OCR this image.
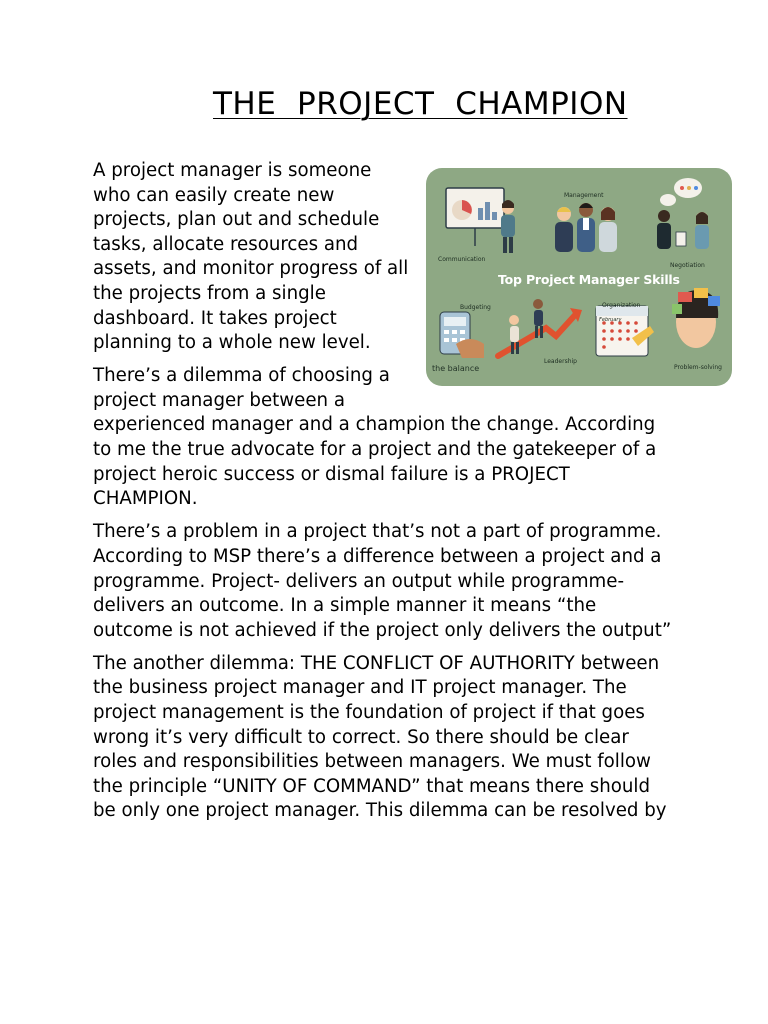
THE  PROJECT  CHAMPION
Management
Communication
Negotiation
Top Project Manager Skills
Budgeting	Organization
February
Leadership
Problem-solving
the balance

A project manager is someone who can easily create new projects, plan out and schedule tasks, allocate resources and assets, and monitor progress of all the projects from a single dashboard. It takes project planning to a whole new level.

There’s a dilemma of choosing a project manager between a experienced manager and a champion the change. According to me the true advocate for a project and the gatekeeper of a project heroic success or dismal failure is a PROJECT CHAMPION.

There’s a problem in a project that’s not a part of programme. According to MSP there’s a difference between a project and a programme. Project- delivers an output while programme- delivers an outcome. In a simple manner it means “the outcome is not achieved if the project only delivers the output”

The another dilemma: THE CONFLICT OF AUTHORITY between the business project manager and IT project manager. The project management is the foundation of project if that goes wrong it’s very difficult to correct. So there should be clear roles and responsibilities between managers. We must follow the principle “UNITY OF COMMAND” that means there should be only one project manager. This dilemma can be resolved by
